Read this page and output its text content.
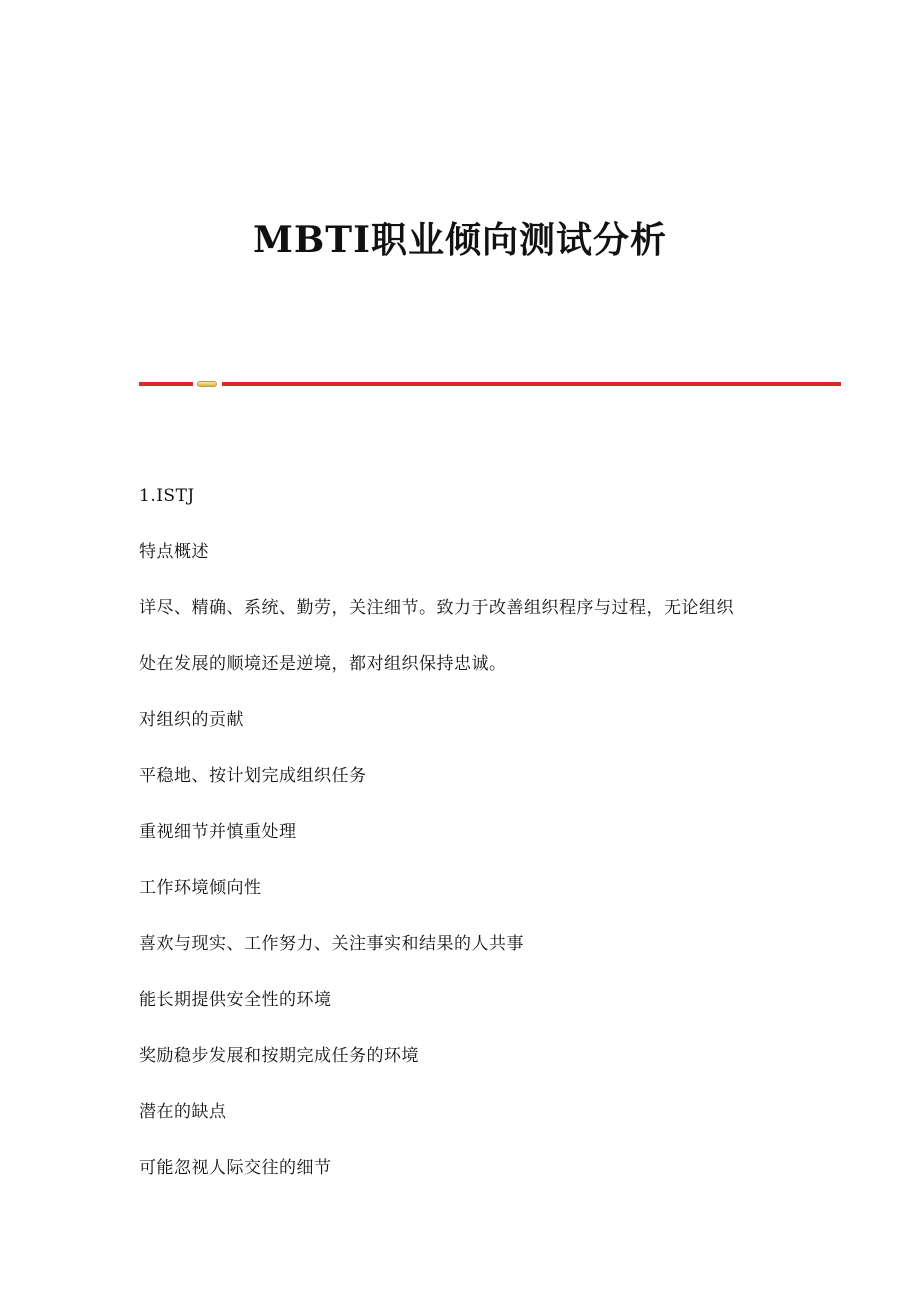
MBTI职业倾向测试分析
1.ISTJ
特点概述
详尽、精确、系统、勤劳，关注细节。致力于改善组织程序与过程，无论组织
处在发展的顺境还是逆境，都对组织保持忠诚。
对组织的贡献
平稳地、按计划完成组织任务
重视细节并慎重处理
工作环境倾向性
喜欢与现实、工作努力、关注事实和结果的人共事
能长期提供安全性的环境
奖励稳步发展和按期完成任务的环境
潜在的缺点
可能忽视人际交往的细节
